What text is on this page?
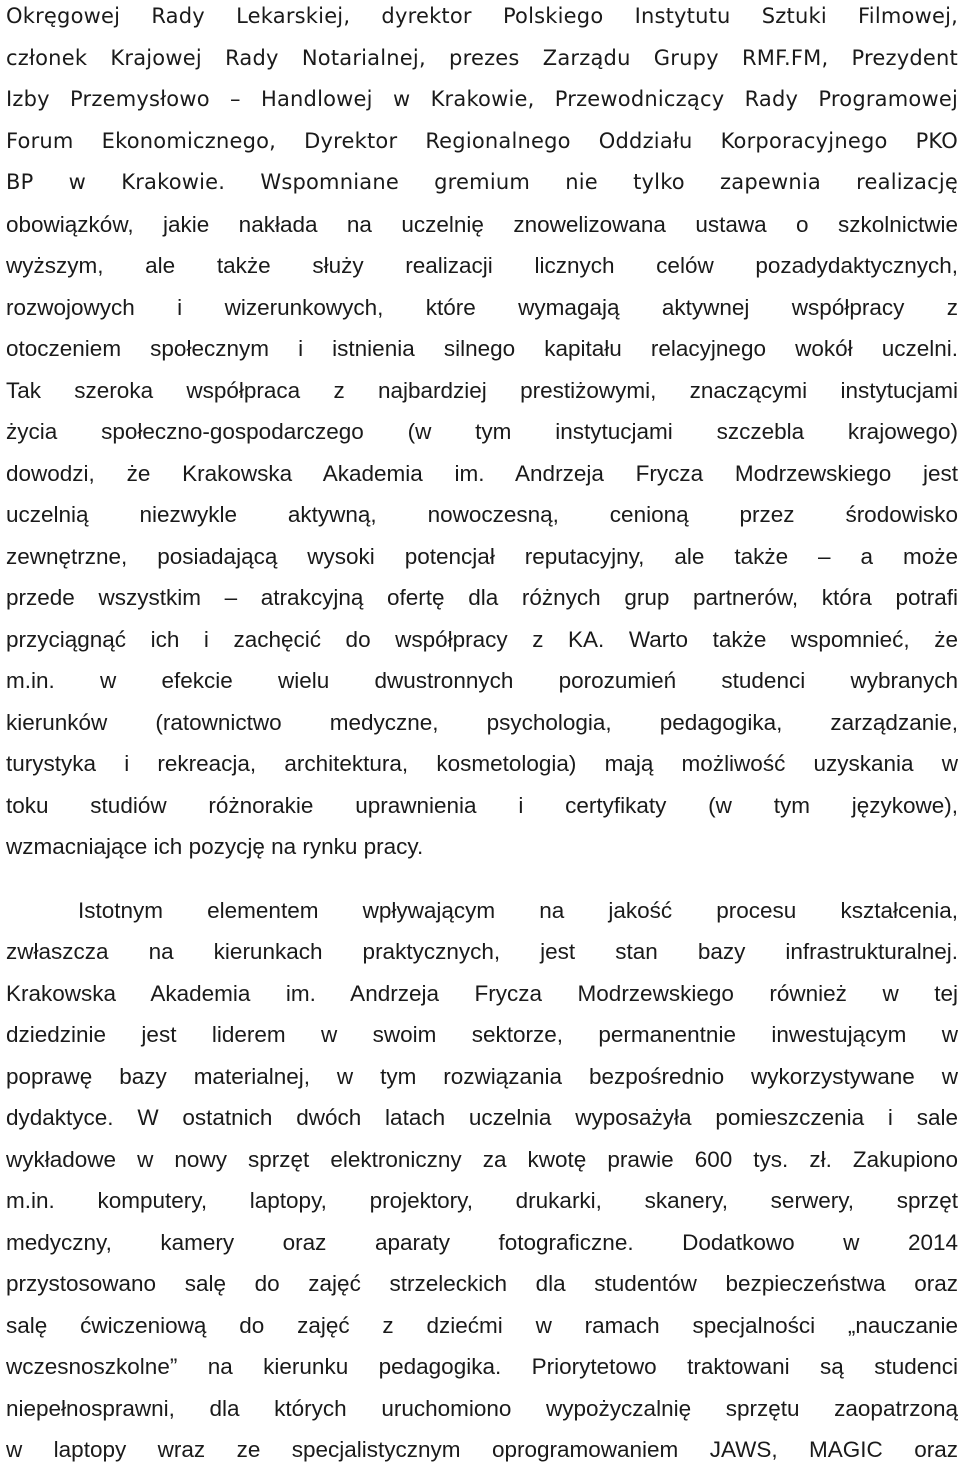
Okręgowej Rady Lekarskiej, dyrektor Polskiego Instytutu Sztuki Filmowej,
członek Krajowej Rady Notarialnej, prezes Zarządu Grupy RMF.FM, Prezydent
Izby Przemysłowo – Handlowej w Krakowie, Przewodniczący Rady Programowej
Forum Ekonomicznego, Dyrektor Regionalnego Oddziału Korporacyjnego PKO
BP w Krakowie. Wspomniane gremium nie tylko zapewnia realizację
obowiązków, jakie nakłada na uczelnię znowelizowana ustawa o szkolnictwie
wyższym, ale także służy realizacji licznych celów pozadydaktycznych,
rozwojowych i wizerunkowych, które wymagają aktywnej współpracy z
otoczeniem społecznym i istnienia silnego kapitału relacyjnego wokół uczelni.
Tak szeroka współpraca z najbardziej prestiżowymi, znaczącymi instytucjami
życia społeczno-gospodarczego (w tym instytucjami szczebla krajowego)
dowodzi, że Krakowska Akademia im. Andrzeja Frycza Modrzewskiego jest
uczelnią niezwykle aktywną, nowoczesną, cenioną przez środowisko
zewnętrzne, posiadającą wysoki potencjał reputacyjny, ale także – a może
przede wszystkim – atrakcyjną ofertę dla różnych grup partnerów, która potrafi
przyciągnąć ich i zachęcić do współpracy z KA. Warto także wspomnieć, że
m.in. w efekcie wielu dwustronnych porozumień studenci wybranych
kierunków (ratownictwo medyczne, psychologia, pedagogika, zarządzanie,
turystyka i rekreacja, architektura, kosmetologia) mają możliwość uzyskania w
toku studiów różnorakie uprawnienia i certyfikaty (w tym językowe),
wzmacniające ich pozycję na rynku pracy.
Istotnym elementem wpływającym na jakość procesu kształcenia,
zwłaszcza na kierunkach praktycznych, jest stan bazy infrastrukturalnej.
Krakowska Akademia im. Andrzeja Frycza Modrzewskiego również w tej
dziedzinie jest liderem w swoim sektorze, permanentnie inwestującym w
poprawę bazy materialnej, w tym rozwiązania bezpośrednio wykorzystywane w
dydaktyce. W ostatnich dwóch latach uczelnia wyposażyła pomieszczenia i sale
wykładowe w nowy sprzęt elektroniczny za kwotę prawie 600 tys. zł. Zakupiono
m.in. komputery, laptopy, projektory, drukarki, skanery, serwery, sprzęt
medyczny, kamery oraz aparaty fotograficzne. Dodatkowo w 2014
przystosowano salę do zajęć strzeleckich dla studentów bezpieczeństwa oraz
salę ćwiczeniową do zajęć z dziećmi w ramach specjalności „nauczanie
wczesnoszkolne” na kierunku pedagogika. Priorytetowo traktowani są studenci
niepełnosprawni, dla których uruchomiono wypożyczalnię sprzętu zaopatrzoną
w laptopy wraz ze specjalistycznym oprogramowaniem JAWS, MAGIC oraz
